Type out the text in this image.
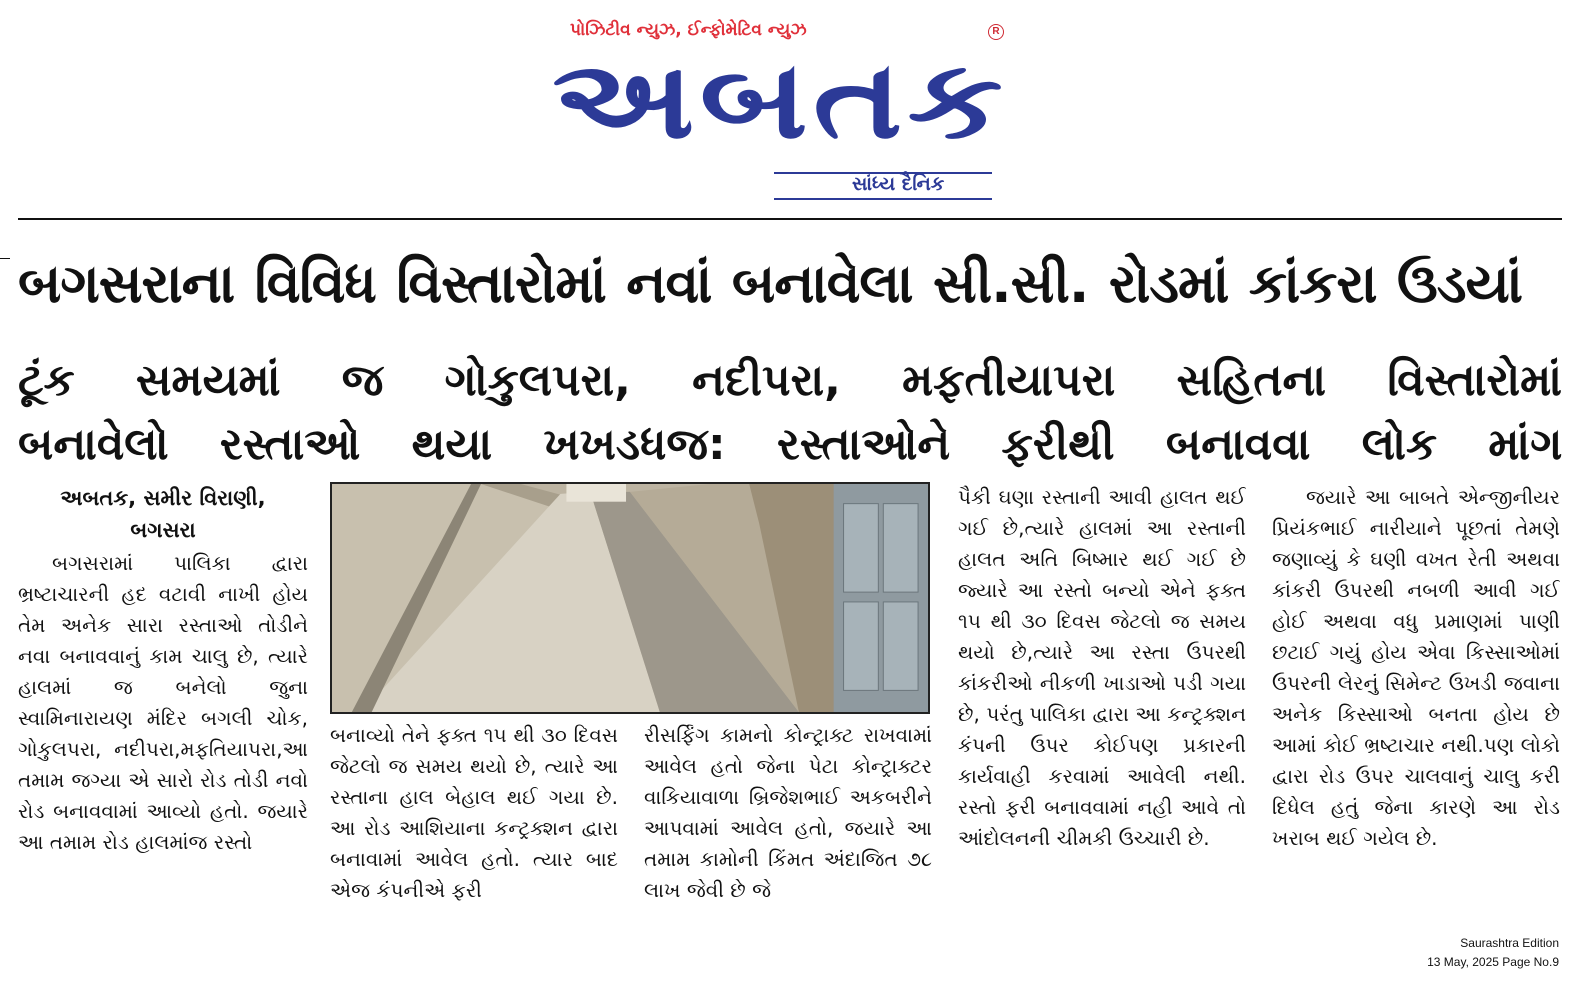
પોઝિટીવ ન્યુઝ, ઈન્ફોમેટિવ ન્યુઝ	R
અબતક
સાંધ્ય દૈનિક
બગસરાના વિવિધ વિસ્તારોમાં નવાં બનાવેલા સી.સી. રોડમાં કાંકરા ઉડયાં
ટૂંક સમયમાં જ ગોકુલપરા, નદીપરા, મફતીયાપરા સહિતના વિસ્તારોમાં
બનાવેલો રસ્તાઓ થયા ખખડધજ: રસ્તાઓને ફરીથી બનાવવા લોક માંગ
અબતક, સમીર વિરાણી,
બગસરા
બગસરામાં પાલિકા દ્વારા ભ્રષ્ટાચારની હદ વટાવી નાખી હોય તેમ અનેક સારા રસ્તાઓ તોડીને નવા બનાવવાનું કામ ચાલુ છે, ત્યારે હાલમાં જ બનેલો જુના સ્વામિનારાયણ મંદિર બગલી ચોક, ગોકુલપરા, નદીપરા,મફતિયાપરા,આ તમામ જગ્યા એ સારો રોડ તોડી નવો રોડ બનાવવામાં આવ્યો હતો. જયારે આ તમામ રોડ હાલમાંજ રસ્તો
બનાવ્યો તેને ફક્ત ૧૫ થી ૩૦ દિવસ જેટલો જ સમય થયો છે, ત્યારે આ રસ્તાના હાલ બેહાલ થઈ ગયા છે. આ રોડ આશિયાના કન્ટ્રક્શન દ્વારા બનાવામાં આવેલ હતો. ત્યાર બાદ એજ કંપનીએ ફરી
રીસર્ફિંગ કામનો કોન્ટ્રાક્ટ રાખવામાં આવેલ હતો જેના પેટા કોન્ટ્રાક્ટર વાકિયાવાળા બ્રિજેશભાઈ અકબરીને આપવામાં આવેલ હતો, જયારે આ તમામ કામોની કિંમત અંદાજિત ૭૮ લાખ જેવી છે જે
પૈકી ઘણા રસ્તાની આવી હાલત થઈ ગઈ છે,ત્યારે હાલમાં આ રસ્તાની હાલત અતિ બિષ્માર થઈ ગઈ છે જ્યારે આ રસ્તો બન્યો એને ફક્ત ૧૫ થી ૩૦ દિવસ જેટલો જ સમય થયો છે,ત્યારે આ રસ્તા ઉપરથી કાંકરીઓ નીકળી ખાડાઓ પડી ગયા છે, પરંતુ પાલિકા દ્વારા આ કન્ટ્રક્શન કંપની ઉપર કોઈપણ પ્રકારની કાર્યવાહી કરવામાં આવેલી નથી. રસ્તો ફરી બનાવવામાં નહી આવે તો આંદોલનની ચીમકી ઉચ્ચારી છે.
જયારે આ બાબતે એન્જીનીયર પ્રિયંકભાઈ નારીયાને પૂછતાં તેમણે જણાવ્યું કે ઘણી વખત રેતી અથવા કાંકરી ઉપરથી નબળી આવી ગઈ હોઈ અથવા વધુ પ્રમાણમાં પાણી છટાઈ ગયું હોય એવા કિસ્સાઓમાં ઉપરની લેરનું સિમેન્ટ ઉખડી જવાના અનેક કિસ્સાઓ બનતા હોય છે આમાં કોઈ ભ્રષ્ટાચાર નથી.પણ લોકો દ્વારા રોડ ઉપર ચાલવાનું ચાલુ કરી દિધેલ હતું જેના કારણે આ રોડ ખરાબ થઈ ગયેલ છે.
Saurashtra Edition
13 May, 2025 Page No.9
